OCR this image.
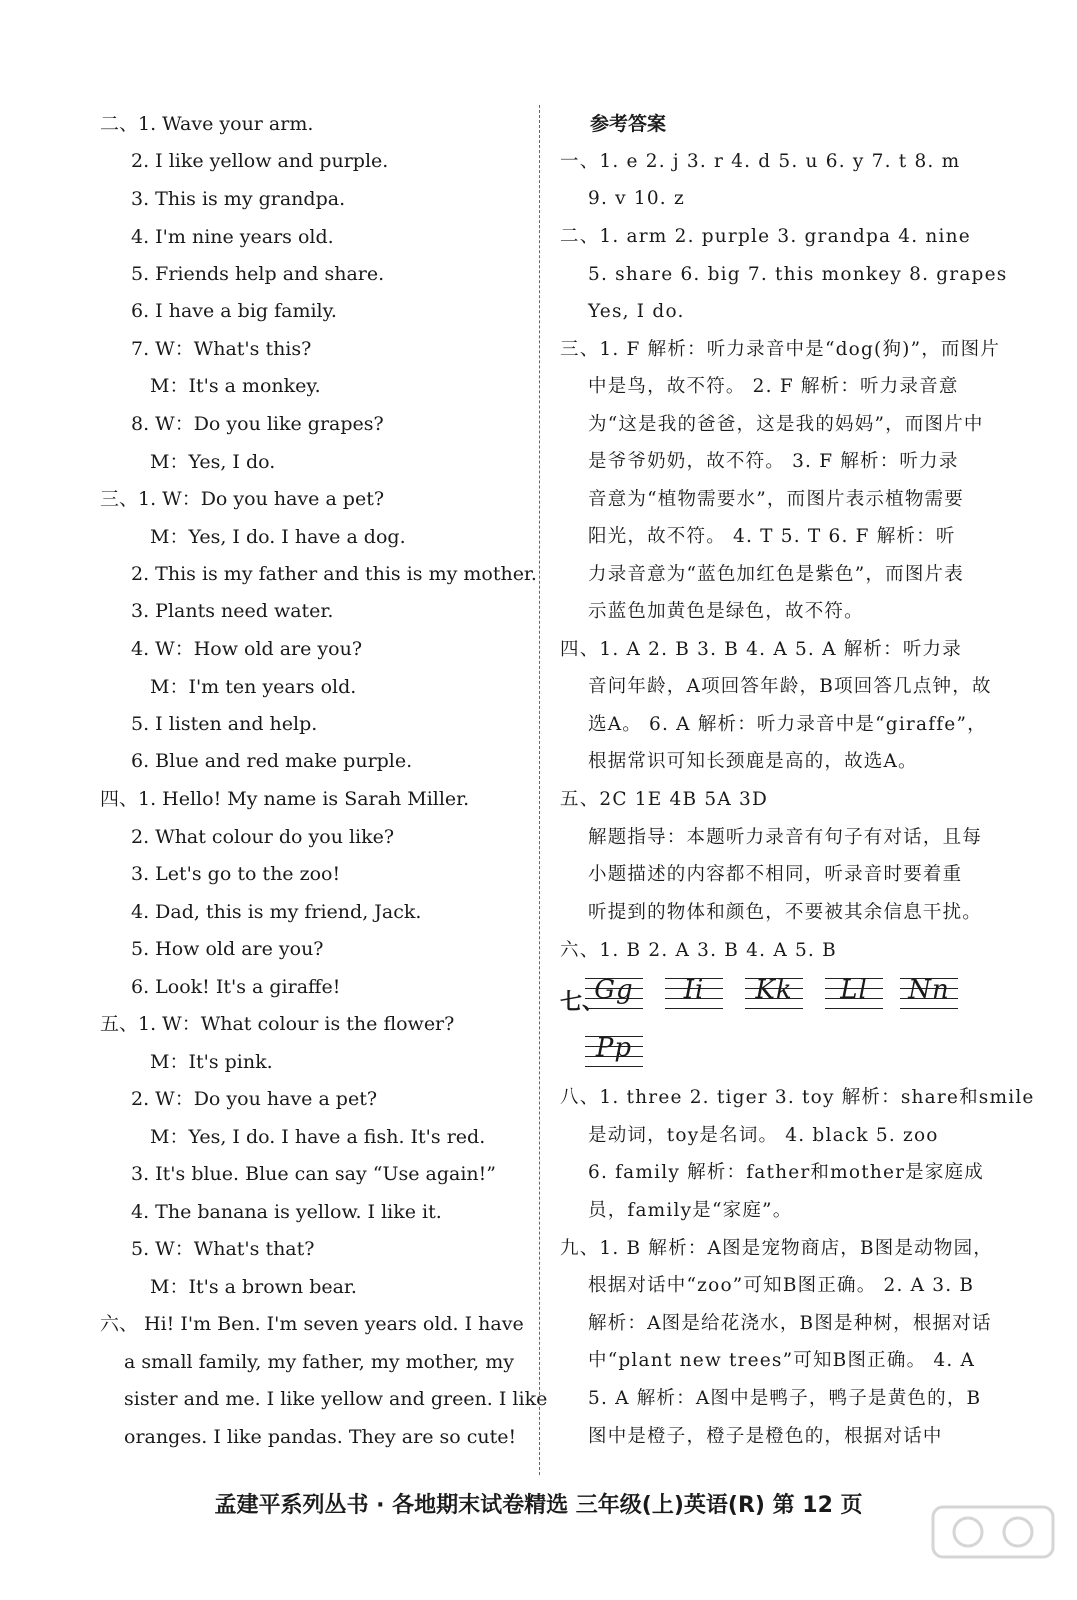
二、1. Wave your arm.
2. I like yellow and purple.
3. This is my grandpa.
4. I'm nine years old.
5. Friends help and share.
6. I have a big family.
7. W：What's this?
M：It's a monkey.
8. W：Do you like grapes?
M：Yes, I do.
三、1. W：Do you have a pet?
M：Yes, I do. I have a dog.
2. This is my father and this is my mother.
3. Plants need water.
4. W：How old are you?
M：I'm ten years old.
5. I listen and help.
6. Blue and red make purple.
四、1. Hello! My name is Sarah Miller.
2. What colour do you like?
3. Let's go to the zoo!
4. Dad, this is my friend, Jack.
5. How old are you?
6. Look! It's a giraffe!
五、1. W：What colour is the flower?
M：It's pink.
2. W：Do you have a pet?
M：Yes, I do. I have a fish. It's red.
3. It's blue. Blue can say “Use again!”
4. The banana is yellow. I like it.
5. W：What's that?
M：It's a brown bear.
六、 Hi! I'm Ben. I'm seven years old. I have
a small family, my father, my mother, my
sister and me. I like yellow and green. I like
oranges. I like pandas. They are so cute!
参考答案
一、1. e 2. j 3. r 4. d 5. u 6. y 7. t 8. m
9. v 10. z
二、1. arm 2. purple 3. grandpa 4. nine
5. share 6. big 7. this monkey 8. grapes
Yes, I do.
三、1. F 解析：听力录音中是“dog(狗)”，而图片
中是鸟，故不符。 2. F 解析：听力录音意
为“这是我的爸爸，这是我的妈妈”，而图片中
是爷爷奶奶，故不符。 3. F 解析：听力录
音意为“植物需要水”，而图片表示植物需要
阳光，故不符。 4. T 5. T 6. F 解析：听
力录音意为“蓝色加红色是紫色”，而图片表
示蓝色加黄色是绿色，故不符。
四、1. A 2. B 3. B 4. A 5. A 解析：听力录
音问年龄，A项回答年龄，B项回答几点钟，故
选A。 6. A 解析：听力录音中是“giraffe”，
根据常识可知长颈鹿是高的，故选A。
五、2C 1E 4B 5A 3D
解题指导：本题听力录音有句子有对话，且每
小题描述的内容都不相同，听录音时要着重
听提到的物体和颜色，不要被其余信息干扰。
六、1. B 2. A 3. B 4. A 5. B
八、1. three 2. tiger 3. toy 解析：share和smile
是动词，toy是名词。 4. black 5. zoo
6. family 解析：father和mother是家庭成
员，family是“家庭”。
九、1. B 解析：A图是宠物商店，B图是动物园，
根据对话中“zoo”可知B图正确。 2. A 3. B
解析：A图是给花浇水，B图是种树，根据对话
中“plant new trees”可知B图正确。 4. A
5. A 解析：A图中是鸭子，鸭子是黄色的，B
图中是橙子，橙子是橙色的，根据对话中
七、
Gg	Ii	Kk	Ll	Nn
Pp
孟建平系列丛书 · 各地期末试卷精选 三年级(上)英语(R) 第 12 页
